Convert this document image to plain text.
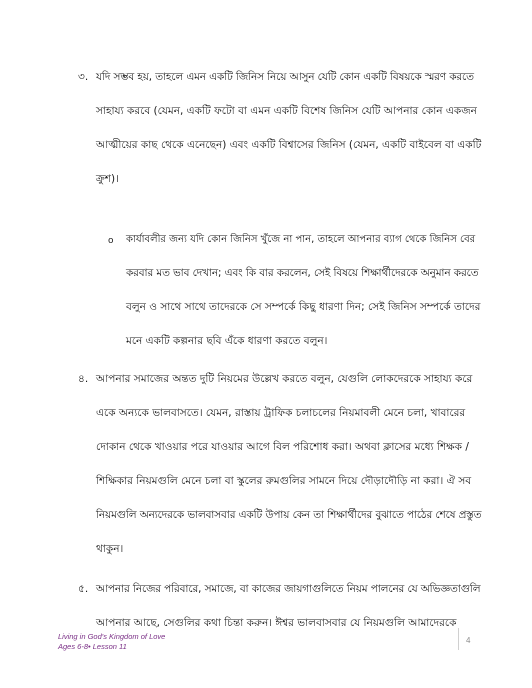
৩. যদি সম্ভব হয়, তাহলে এমন একটি জিনিস নিয়ে আসুন যেটি কোন একটি বিষয়কে স্মরণ করতে
সাহায্য করবে (যেমন, একটি ফটো বা এমন একটি বিশেষ জিনিস যেটি আপনার কোন একজন
আত্মীয়ের কাছ থেকে এনেছেন) এবং একটি বিশ্বাসের জিনিস (যেমন, একটি বাইবেল বা একটি
ক্রুশ)।
o কার্যাবলীর জন্য যদি কোন জিনিস খুঁজে না পান, তাহলে আপনার ব্যাগ থেকে জিনিস বের
করবার মত ভাব দেখান; এবং কি বার করলেন, সেই বিষয়ে শিক্ষার্থীদেরকে অনুমান করতে
বলুন ও সাথে সাথে তাদেরকে সে সম্পর্কে কিছু ধারণা দিন; সেই জিনিস সম্পর্কে তাদের
মনে একটি কল্পনার ছবি এঁকে ধারণা করতে বলুন।
৪. আপনার সমাজের অন্তত দুটি নিয়মের উল্লেখ করতে বলুন, যেগুলি লোকদেরকে সাহায্য করে
একে অন্যকে ভালবাসতে। যেমন, রাস্তায় ট্রাফিক চলাচলের নিয়মাবলী মেনে চলা, খাবারের
দোকান থেকে খাওয়ার পরে যাওয়ার আগে বিল পরিশোধ করা। অথবা ক্লাসের মধ্যে শিক্ষক /
শিক্ষিকার নিয়মগুলি মেনে চলা বা স্কুলের রুমগুলির সামনে দিয়ে দৌড়াদৌড়ি না করা। ঐ সব
নিয়মগুলি অন্যদেরকে ভালবাসবার একটি উপায় কেন তা শিক্ষার্থীদের বুঝাতে পাঠের শেষে প্রস্তুত
থাকুন।
৫. আপনার নিজের পরিবারে, সমাজে, বা কাজের জায়গাগুলিতে নিয়ম পালনের যে অভিজ্ঞতাগুলি
আপনার আছে, সেগুলির কথা চিন্তা করুন। ঈশ্বর ভালবাসবার যে নিয়মগুলি আমাদেরকে
Living in God's Kingdom of Love
Ages 6-8• Lesson 11
4
